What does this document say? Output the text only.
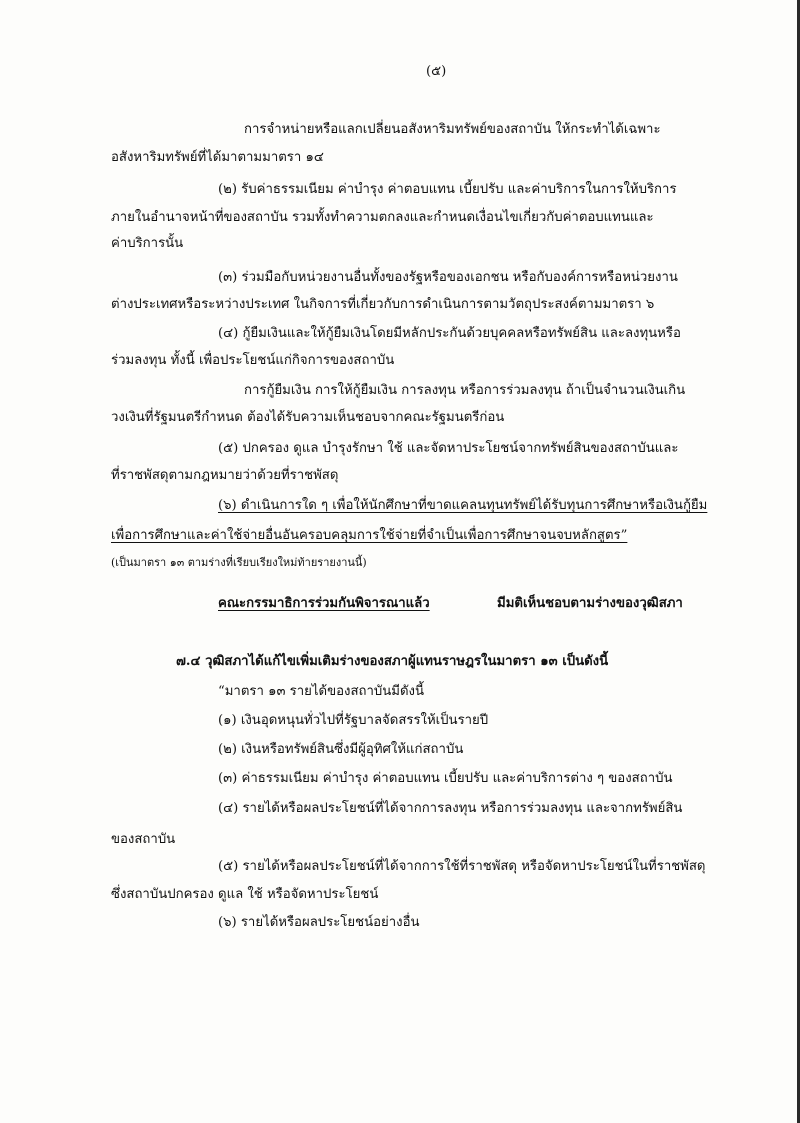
(๕)
การจำหน่ายหรือแลกเปลี่ยนอสังหาริมทรัพย์ของสถาบัน ให้กระทำได้เฉพาะ
อสังหาริมทรัพย์ที่ได้มาตามมาตรา ๑๔
(๒) รับค่าธรรมเนียม ค่าบำรุง ค่าตอบแทน เบี้ยปรับ และค่าบริการในการให้บริการ
ภายในอำนาจหน้าที่ของสถาบัน รวมทั้งทำความตกลงและกำหนดเงื่อนไขเกี่ยวกับค่าตอบแทนและ
ค่าบริการนั้น
(๓) ร่วมมือกับหน่วยงานอื่นทั้งของรัฐหรือของเอกชน หรือกับองค์การหรือหน่วยงาน
ต่างประเทศหรือระหว่างประเทศ ในกิจการที่เกี่ยวกับการดำเนินการตามวัตถุประสงค์ตามมาตรา ๖
(๔) กู้ยืมเงินและให้กู้ยืมเงินโดยมีหลักประกันด้วยบุคคลหรือทรัพย์สิน และลงทุนหรือ
ร่วมลงทุน ทั้งนี้ เพื่อประโยชน์แก่กิจการของสถาบัน
การกู้ยืมเงิน การให้กู้ยืมเงิน การลงทุน หรือการร่วมลงทุน ถ้าเป็นจำนวนเงินเกิน
วงเงินที่รัฐมนตรีกำหนด ต้องได้รับความเห็นชอบจากคณะรัฐมนตรีก่อน
(๕) ปกครอง ดูแล บำรุงรักษา ใช้ และจัดหาประโยชน์จากทรัพย์สินของสถาบันและ
ที่ราชพัสดุตามกฎหมายว่าด้วยที่ราชพัสดุ
(๖) ดำเนินการใด ๆ เพื่อให้นักศึกษาที่ขาดแคลนทุนทรัพย์ได้รับทุนการศึกษาหรือเงินกู้ยืม
เพื่อการศึกษาและค่าใช้จ่ายอื่นอันครอบคลุมการใช้จ่ายที่จำเป็นเพื่อการศึกษาจนจบหลักสูตร”
(เป็นมาตรา ๑๓ ตามร่างที่เรียบเรียงใหม่ท้ายรายงานนี้)
คณะกรรมาธิการร่วมกันพิจารณาแล้ว	มีมติเห็นชอบตามร่างของวุฒิสภา
๗.๔ วุฒิสภาได้แก้ไขเพิ่มเติมร่างของสภาผู้แทนราษฎรในมาตรา ๑๓ เป็นดังนี้
“มาตรา ๑๓ รายได้ของสถาบันมีดังนี้
(๑) เงินอุดหนุนทั่วไปที่รัฐบาลจัดสรรให้เป็นรายปี
(๒) เงินหรือทรัพย์สินซึ่งมีผู้อุทิศให้แก่สถาบัน
(๓) ค่าธรรมเนียม ค่าบำรุง ค่าตอบแทน เบี้ยปรับ และค่าบริการต่าง ๆ ของสถาบัน
(๔) รายได้หรือผลประโยชน์ที่ได้จากการลงทุน หรือการร่วมลงทุน และจากทรัพย์สิน
ของสถาบัน
(๕) รายได้หรือผลประโยชน์ที่ได้จากการใช้ที่ราชพัสดุ หรือจัดหาประโยชน์ในที่ราชพัสดุ
ซึ่งสถาบันปกครอง ดูแล ใช้ หรือจัดหาประโยชน์
(๖) รายได้หรือผลประโยชน์อย่างอื่น
